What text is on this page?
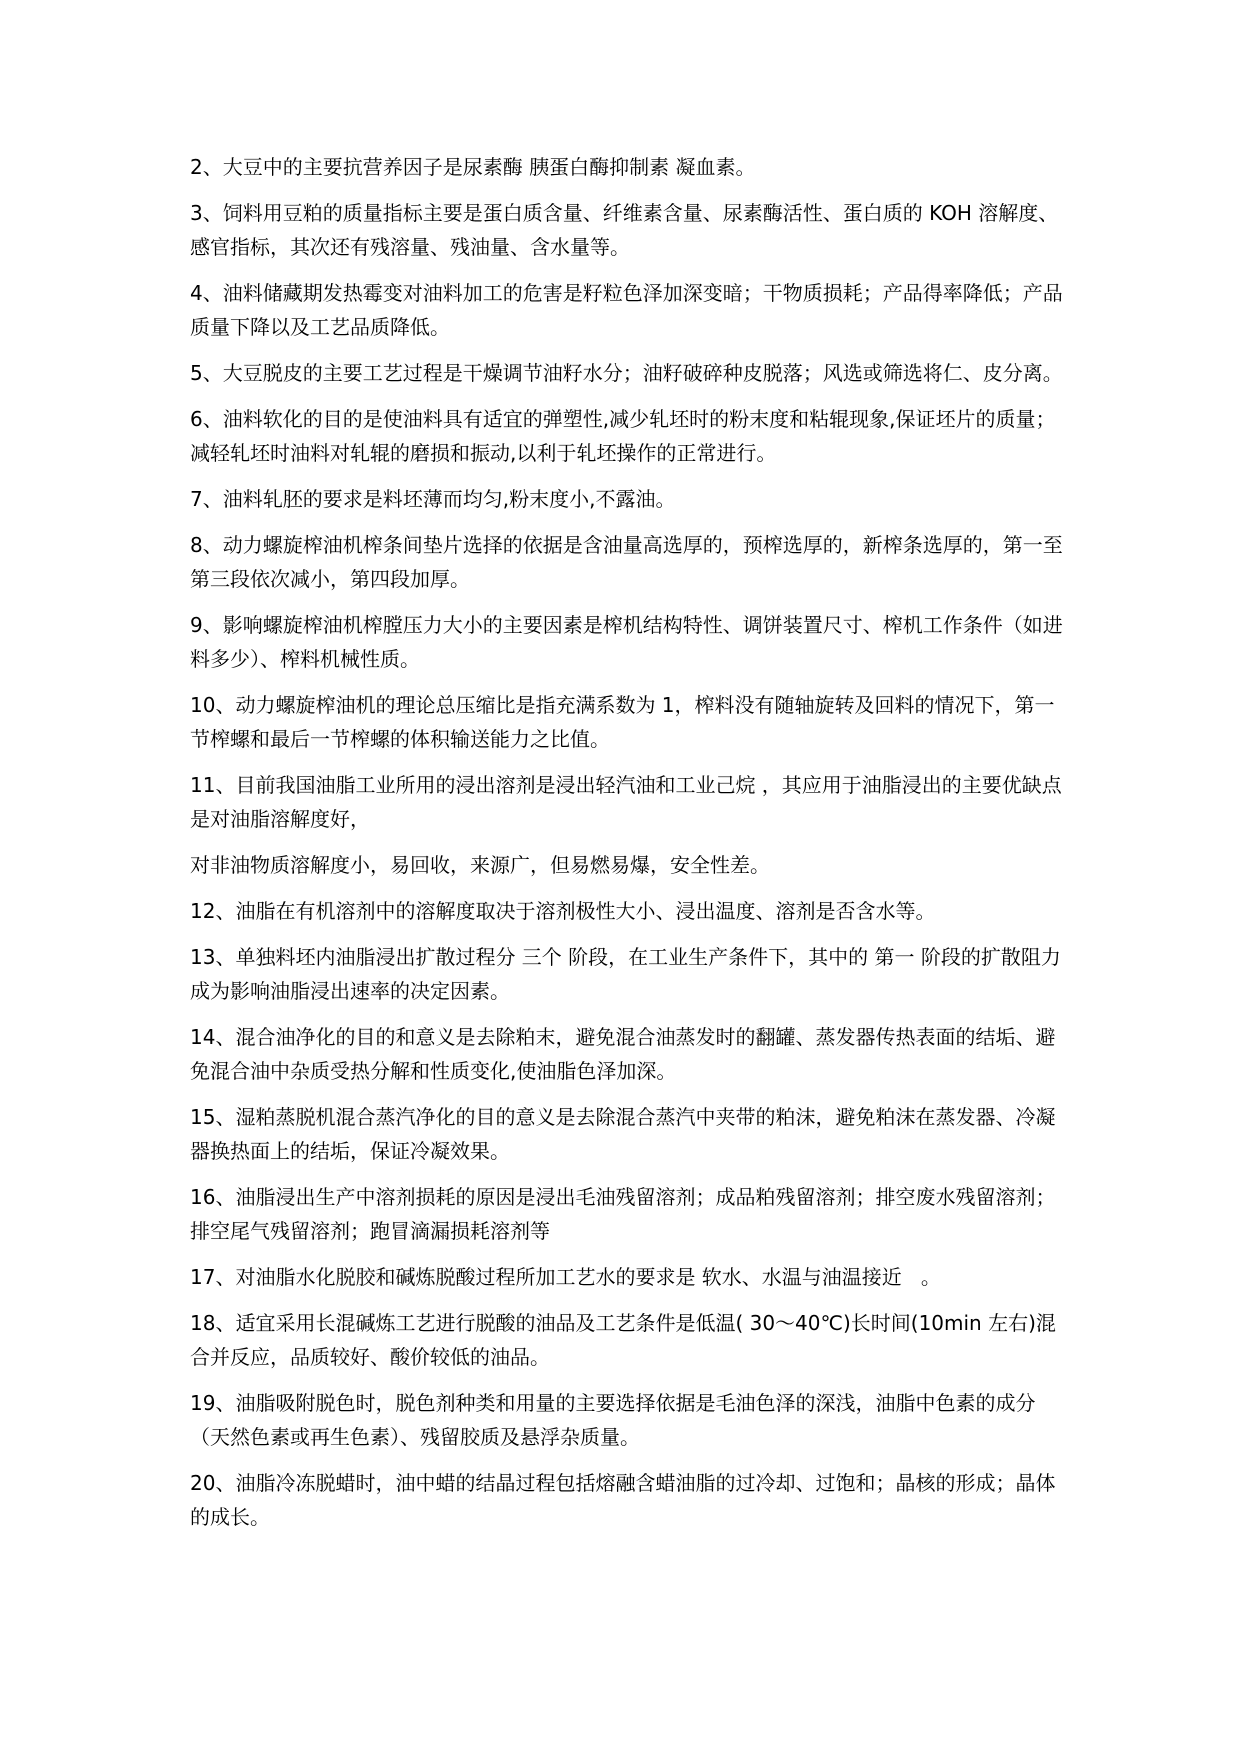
2、大豆中的主要抗营养因子是尿素酶 胰蛋白酶抑制素 凝血素。

3、饲料用豆粕的质量指标主要是蛋白质含量、纤维素含量、尿素酶活性、蛋白质的 KOH 溶解度、感官指标，其次还有残溶量、残油量、含水量等。

4、油料储藏期发热霉变对油料加工的危害是籽粒色泽加深变暗；干物质损耗；产品得率降低；产品质量下降以及工艺品质降低。

5、大豆脱皮的主要工艺过程是干燥调节油籽水分；油籽破碎种皮脱落；风选或筛选将仁、皮分离。

6、油料软化的目的是使油料具有适宜的弹塑性,减少轧坯时的粉末度和粘辊现象,保证坯片的质量；减轻轧坯时油料对轧辊的磨损和振动,以利于轧坯操作的正常进行。

7、油料轧胚的要求是料坯薄而均匀,粉末度小,不露油。

8、动力螺旋榨油机榨条间垫片选择的依据是含油量高选厚的，预榨选厚的，新榨条选厚的，第一至第三段依次减小，第四段加厚。

9、影响螺旋榨油机榨膛压力大小的主要因素是榨机结构特性、调饼装置尺寸、榨机工作条件（如进料多少）、榨料机械性质。

10、动力螺旋榨油机的理论总压缩比是指充满系数为 1，榨料没有随轴旋转及回料的情况下，第一节榨螺和最后一节榨螺的体积输送能力之比值。

11、目前我国油脂工业所用的浸出溶剂是浸出轻汽油和工业己烷 ，其应用于油脂浸出的主要优缺点是对油脂溶解度好，

对非油物质溶解度小，易回收，来源广，但易燃易爆，安全性差。

12、油脂在有机溶剂中的溶解度取决于溶剂极性大小、浸出温度、溶剂是否含水等。

13、单独料坯内油脂浸出扩散过程分 三个 阶段，在工业生产条件下，其中的 第一 阶段的扩散阻力成为影响油脂浸出速率的决定因素。

14、混合油净化的目的和意义是去除粕末，避免混合油蒸发时的翻罐、蒸发器传热表面的结垢、避免混合油中杂质受热分解和性质变化,使油脂色泽加深。

15、湿粕蒸脱机混合蒸汽净化的目的意义是去除混合蒸汽中夹带的粕沫，避免粕沫在蒸发器、冷凝器换热面上的结垢，保证冷凝效果。

16、油脂浸出生产中溶剂损耗的原因是浸出毛油残留溶剂；成品粕残留溶剂；排空废水残留溶剂；排空尾气残留溶剂；跑冒滴漏损耗溶剂等

17、对油脂水化脱胶和碱炼脱酸过程所加工艺水的要求是 软水、水温与油温接近   。

18、适宜采用长混碱炼工艺进行脱酸的油品及工艺条件是低温( 30～40℃)长时间(10min 左右)混合并反应，品质较好、酸价较低的油品。

19、油脂吸附脱色时，脱色剂种类和用量的主要选择依据是毛油色泽的深浅，油脂中色素的成分（天然色素或再生色素）、残留胶质及悬浮杂质量。

20、油脂冷冻脱蜡时，油中蜡的结晶过程包括熔融含蜡油脂的过冷却、过饱和；晶核的形成；晶体的成长。
